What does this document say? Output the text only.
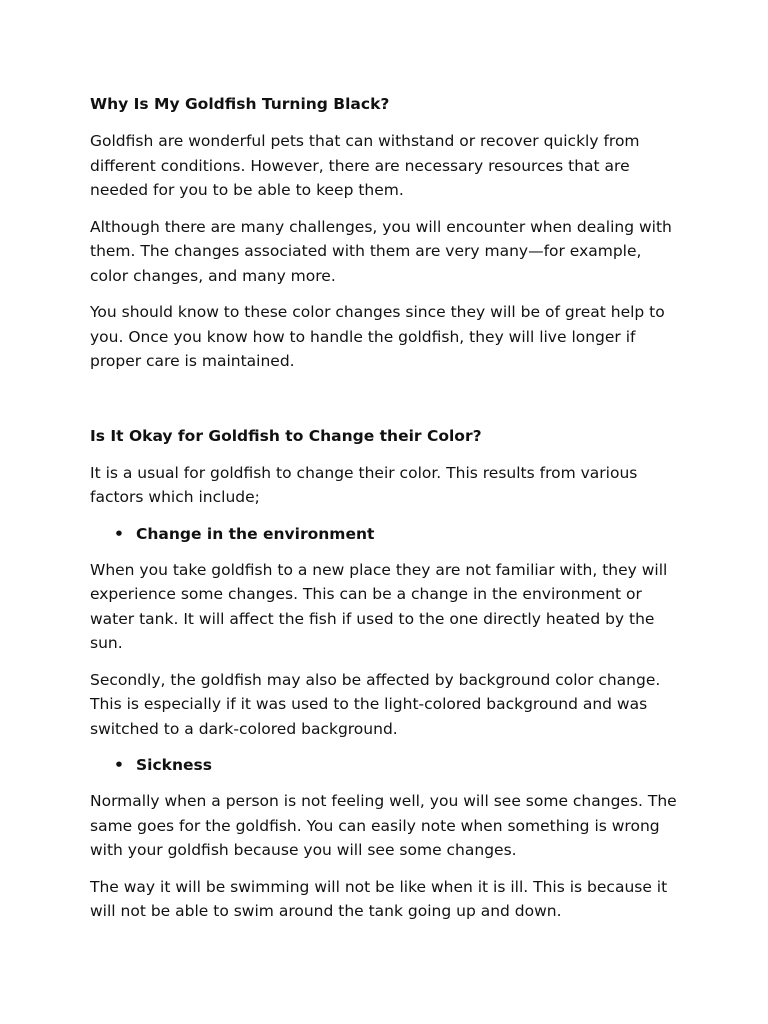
Why Is My Goldfish Turning Black?

Goldfish are wonderful pets that can withstand or recover quickly from different conditions. However, there are necessary resources that are needed for you to be able to keep them.

Although there are many challenges, you will encounter when dealing with them. The changes associated with them are very many—for example, color changes, and many more.

You should know to these color changes since they will be of great help to you. Once you know how to handle the goldfish, they will live longer if proper care is maintained.

Is It Okay for Goldfish to Change their Color?

It is a usual for goldfish to change their color. This results from various factors which include;

• Change in the environment

When you take goldfish to a new place they are not familiar with, they will experience some changes. This can be a change in the environment or water tank. It will affect the fish if used to the one directly heated by the sun.

Secondly, the goldfish may also be affected by background color change. This is especially if it was used to the light-colored background and was switched to a dark-colored background.

• Sickness

Normally when a person is not feeling well, you will see some changes. The same goes for the goldfish. You can easily note when something is wrong with your goldfish because you will see some changes.

The way it will be swimming will not be like when it is ill. This is because it will not be able to swim around the tank going up and down.
